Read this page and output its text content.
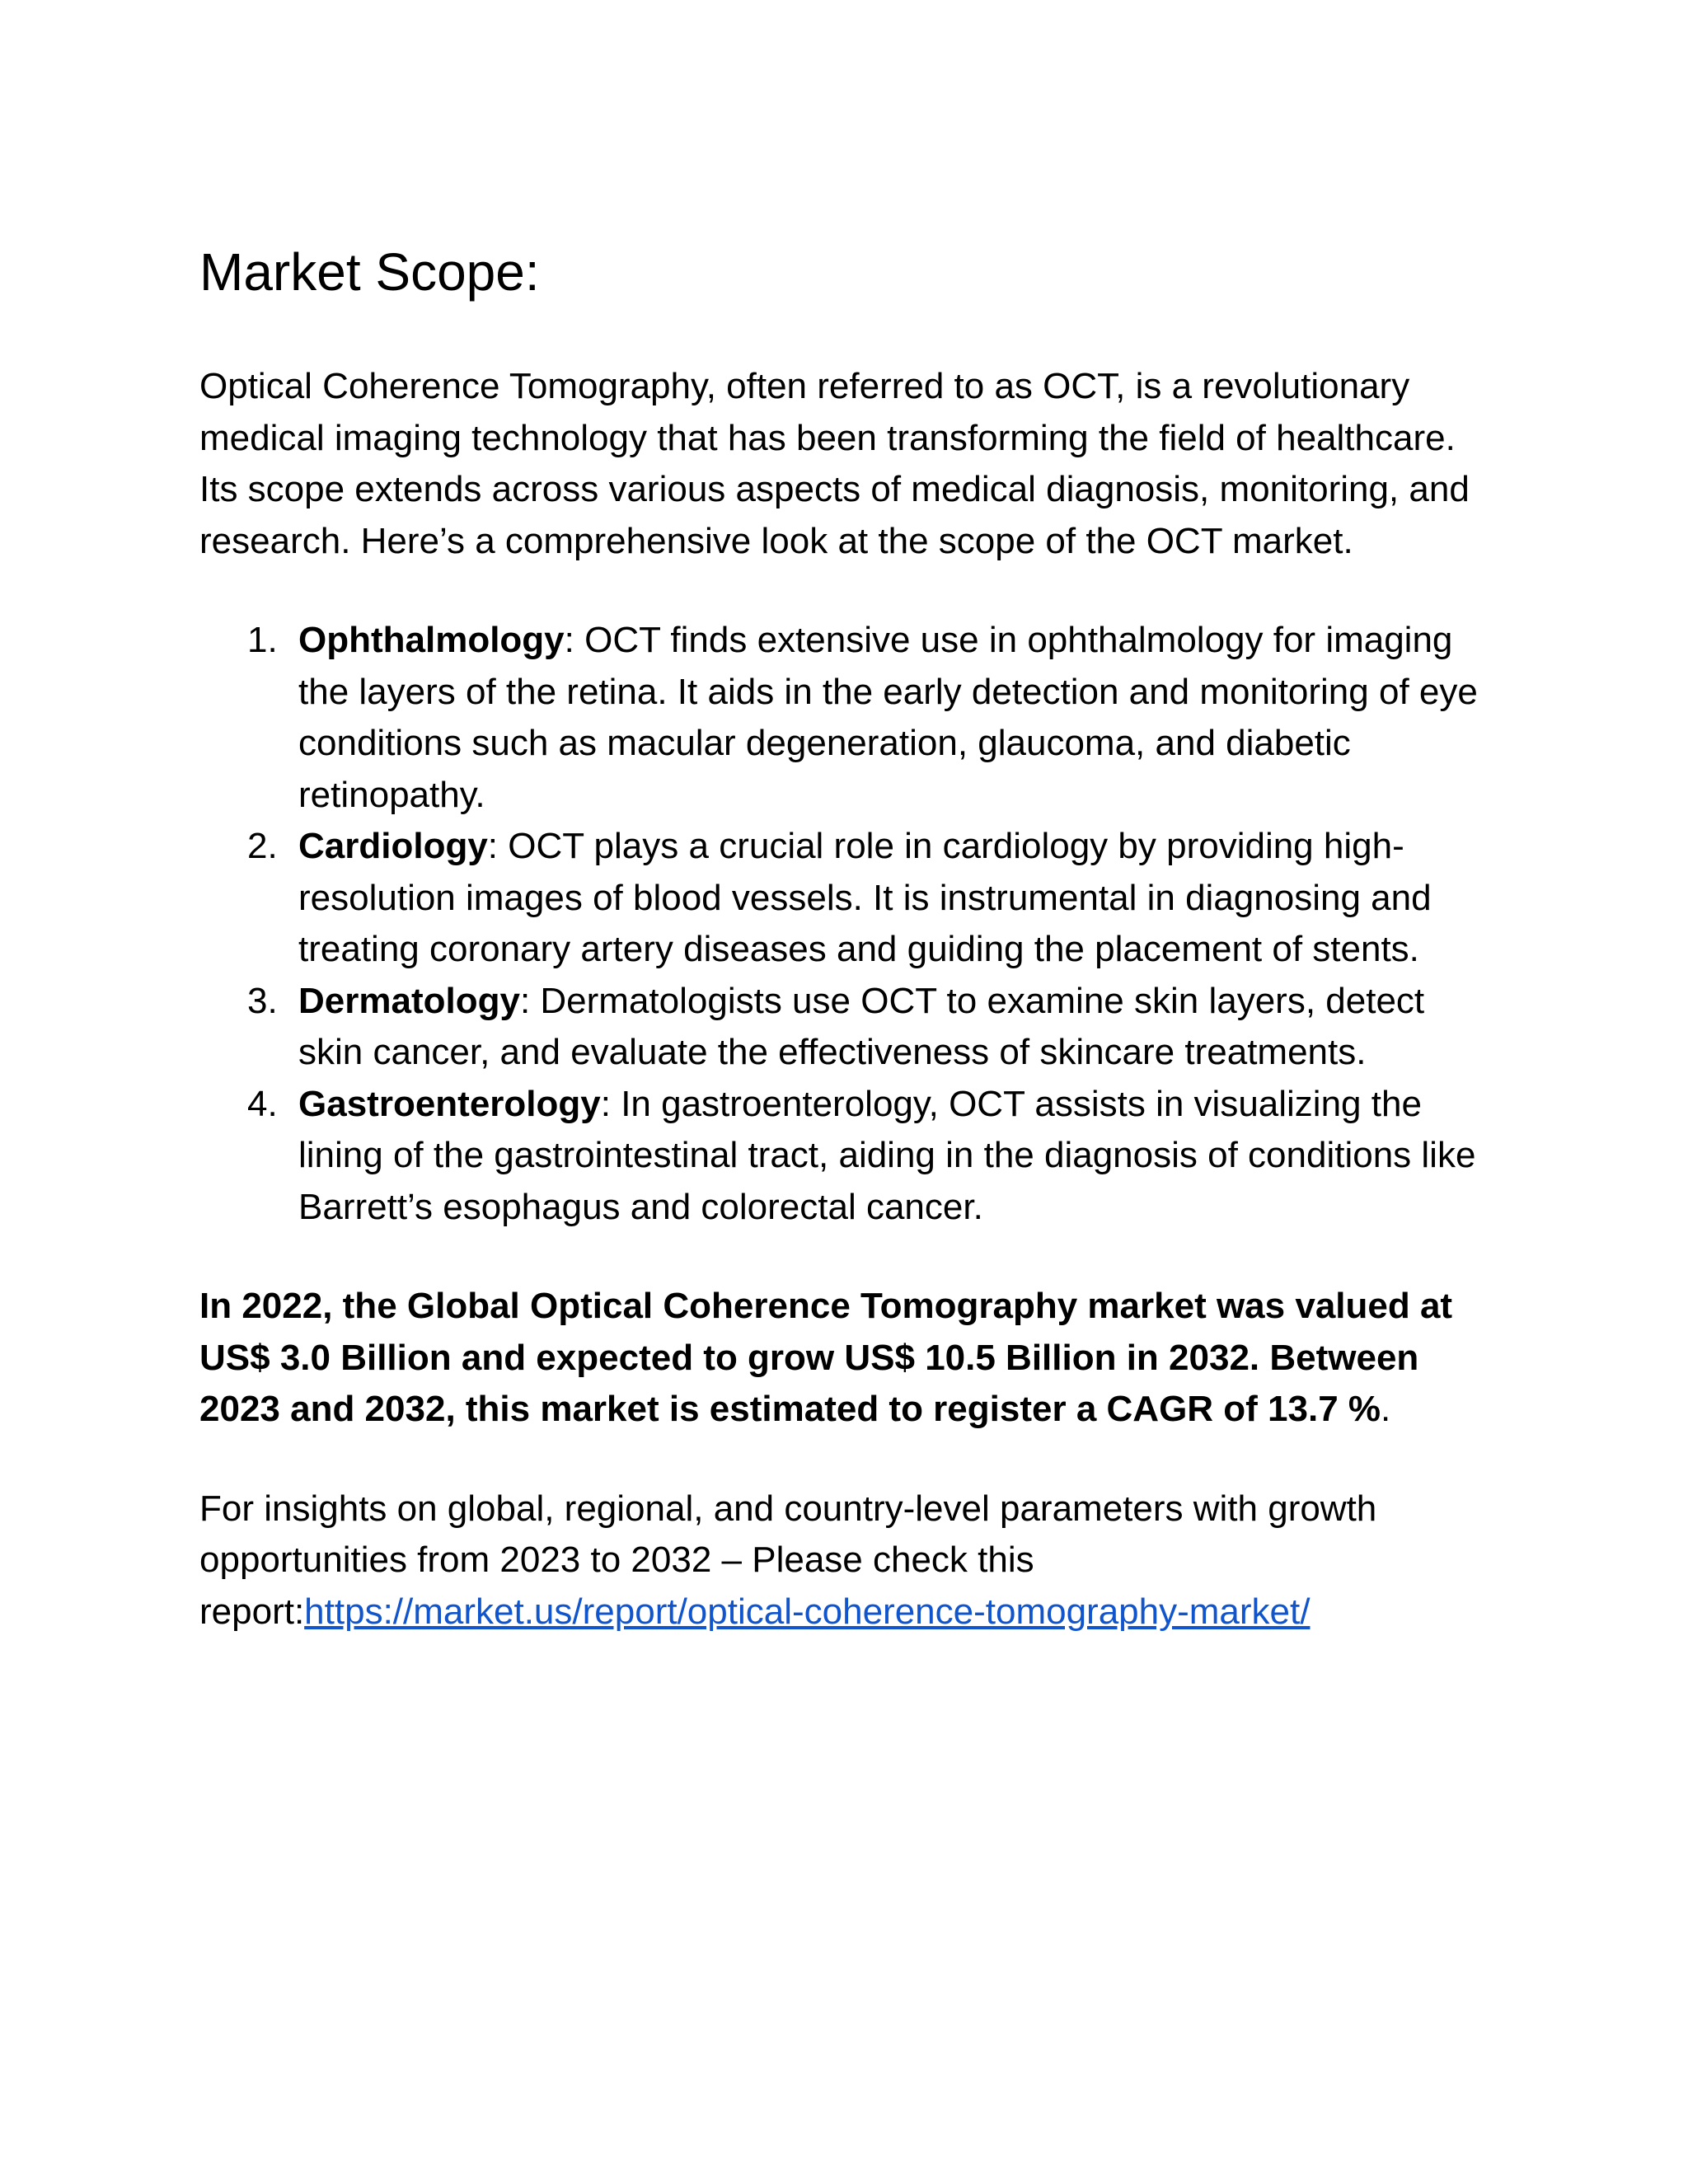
Market Scope:

Optical Coherence Tomography, often referred to as OCT, is a revolutionary medical imaging technology that has been transforming the field of healthcare. Its scope extends across various aspects of medical diagnosis, monitoring, and research. Here’s a comprehensive look at the scope of the OCT market.

1. Ophthalmology: OCT finds extensive use in ophthalmology for imaging the layers of the retina. It aids in the early detection and monitoring of eye conditions such as macular degeneration, glaucoma, and diabetic retinopathy.
2. Cardiology: OCT plays a crucial role in cardiology by providing high-resolution images of blood vessels. It is instrumental in diagnosing and treating coronary artery diseases and guiding the placement of stents.
3. Dermatology: Dermatologists use OCT to examine skin layers, detect skin cancer, and evaluate the effectiveness of skincare treatments.
4. Gastroenterology: In gastroenterology, OCT assists in visualizing the lining of the gastrointestinal tract, aiding in the diagnosis of conditions like Barrett’s esophagus and colorectal cancer.

In 2022, the Global Optical Coherence Tomography market was valued at US$ 3.0 Billion and expected to grow US$ 10.5 Billion in 2032. Between 2023 and 2032, this market is estimated to register a CAGR of 13.7 %.

For insights on global, regional, and country-level parameters with growth opportunities from 2023 to 2032 – Please check this report:https://market.us/report/optical-coherence-tomography-market/
